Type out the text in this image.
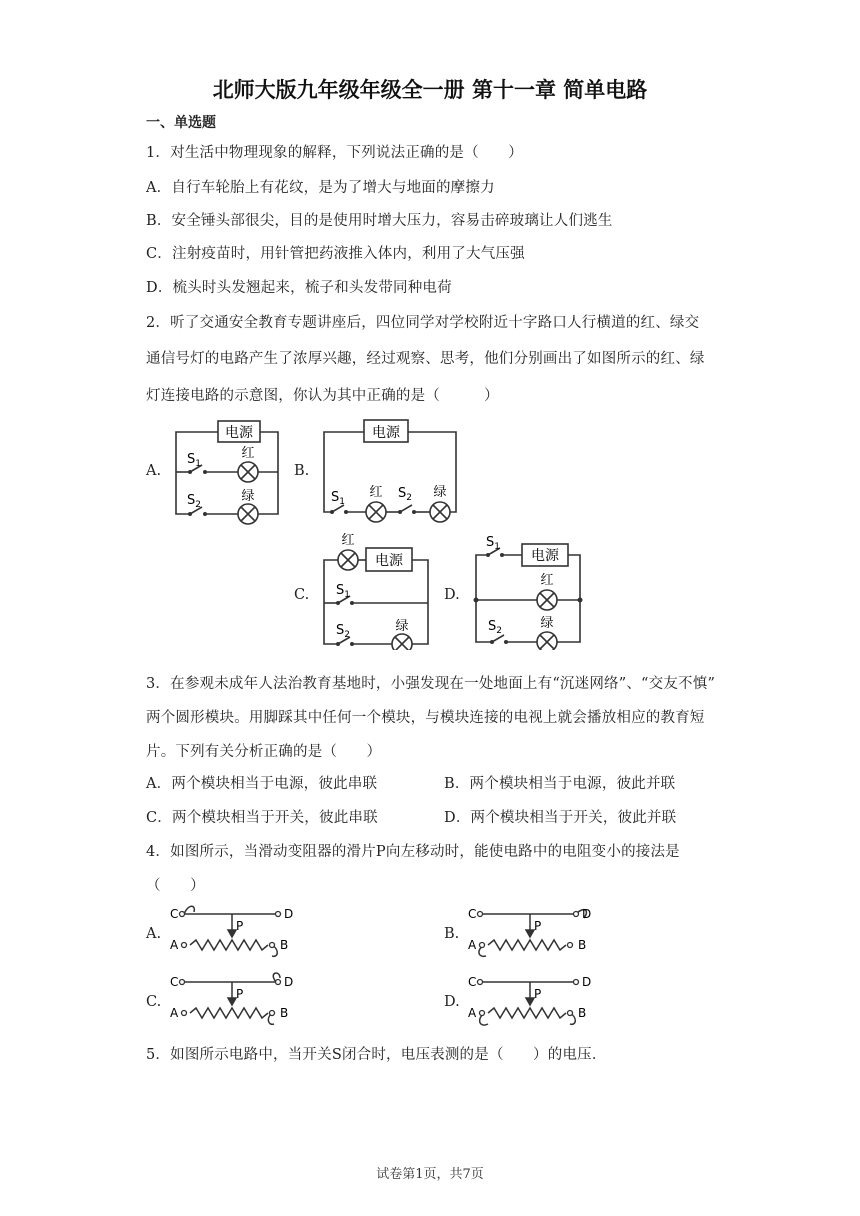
北师大版九年级年级全一册 第十一章 简单电路
一、单选题
1．对生活中物理现象的解释，下列说法正确的是（　　）
A．自行车轮胎上有花纹，是为了增大与地面的摩擦力
B．安全锤头部很尖，目的是使用时增大压力，容易击碎玻璃让人们逃生
C．注射疫苗时，用针管把药液推入体内，利用了大气压强
D．梳头时头发翘起来，梳子和头发带同种电荷
2．听了交通安全教育专题讲座后，四位同学对学校附近十字路口人行横道的红、绿交
通信号灯的电路产生了浓厚兴趣，经过观察、思考，他们分别画出了如图所示的红、绿
灯连接电路的示意图，你认为其中正确的是（　　　）
A.	B.
C.	D.
电源
红
绿
$S_1$
$S_2$
电源
红	绿
$S_1$
$S_2$
电源
红
绿
$S_1$
$S_2$
电源
红
绿
$S_1$
$S_2$
3．在参观未成年人法治教育基地时，小强发现在一处地面上有“沉迷网络”、“交友不慎”
两个圆形模块。用脚踩其中任何一个模块，与模块连接的电视上就会播放相应的教育短
片。下列有关分析正确的是（　　）
A．两个模块相当于电源，彼此串联	B．两个模块相当于电源，彼此并联
C．两个模块相当于开关，彼此串联	D．两个模块相当于开关，彼此并联
4．如图所示，当滑动变阻器的滑片P向左移动时，能使电路中的电阻变小的接法是
（　　）
A.	B.
C.	D.
C	D
A	B
P
C	D
A	B
P
C	D
A	B
P
C	D
A	B
P
5．如图所示电路中，当开关S闭合时，电压表测的是（　　）的电压．
试卷第1页，共7页
